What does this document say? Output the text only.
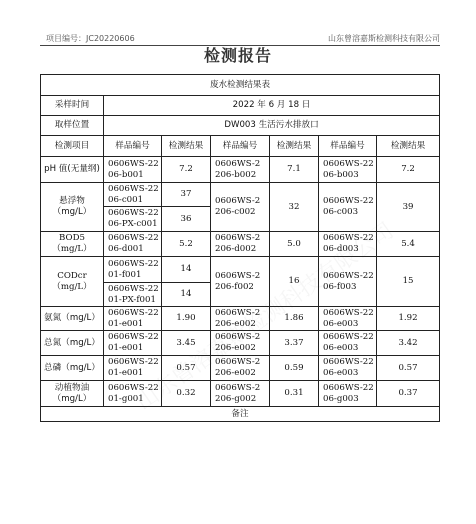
项目编号：JC20220606	山东曾溶嘉斯检测科技有限公司
检测报告
废水检测结果表						
采样时间	2022 年 6 月 18 日					
取样位置	DW003 生活污水排放口					
检测项目	样品编号	检测结果	样品编号	检测结果	样品编号	检测结果
pH 值(无量纲)	0606WS-22 06-b001	7.2	0606WS-2 206-b002	7.1	0606WS-22 06-b003	7.2
悬浮物（mg/L）	0606WS-22 06-c001	37	0606WS-2 206-c002	32	0606WS-22 06-c003	39
	0606WS-22 06-PX-c001	36				
BOD5（mg/L）	0606WS-22 06-d001	5.2	0606WS-2 206-d002	5.0	0606WS-22 06-d003	5.4
CODcr（mg/L）	0606WS-22 01-f001	14	0606WS-2 206-f002	16	0606WS-22 06-f003	15
	0606WS-22 01-PX-f001	14				
氨氮（mg/L）	0606WS-22 01-e001	1.90	0606WS-2 206-e002	1.86	0606WS-22 06-e003	1.92
总氮（mg/L）	0606WS-22 01-e001	3.45	0606WS-2 206-e002	3.37	0606WS-22 06-e003	3.42
总磷（mg/L）	0606WS-22 01-e001	0.57	0606WS-2 206-e002	0.59	0606WS-22 06-e003	0.57
动植物油（mg/L）	0606WS-22 01-g001	0.32	0606WS-2 206-g002	0.31	0606WS-22 06-g003	0.37
备注						
